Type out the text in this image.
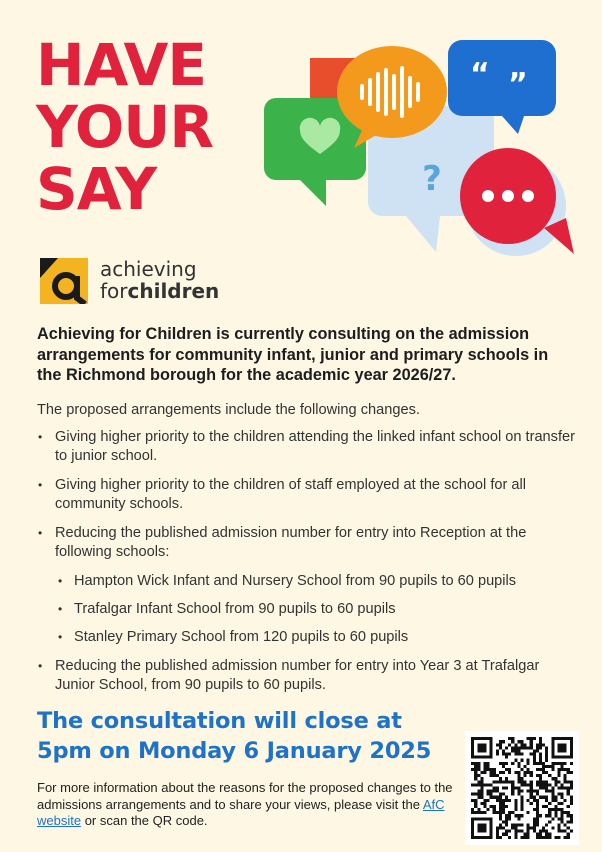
HAVE
YOUR
SAY	?
“ ”
achieving
forchildren

Achieving for Children is currently consulting on the admission arrangements for community infant, junior and primary schools in the Richmond borough for the academic year 2026/27.

The proposed arrangements include the following changes.

• Giving higher priority to the children attending the linked infant school on transfer to junior school.
• Giving higher priority to the children of staff employed at the school for all community schools.
• Reducing the published admission number for entry into Reception at the following schools:
• Hampton Wick Infant and Nursery School from 90 pupils to 60 pupils
• Trafalgar Infant School from 90 pupils to 60 pupils
• Stanley Primary School from 120 pupils to 60 pupils
• Reducing the published admission number for entry into Year 3 at Trafalgar Junior School, from 90 pupils to 60 pupils.
The consultation will close at
5pm on Monday 6 January 2025

For more information about the reasons for the proposed changes to the admissions arrangements and to share your views, please visit the AfC website or scan the QR code.
